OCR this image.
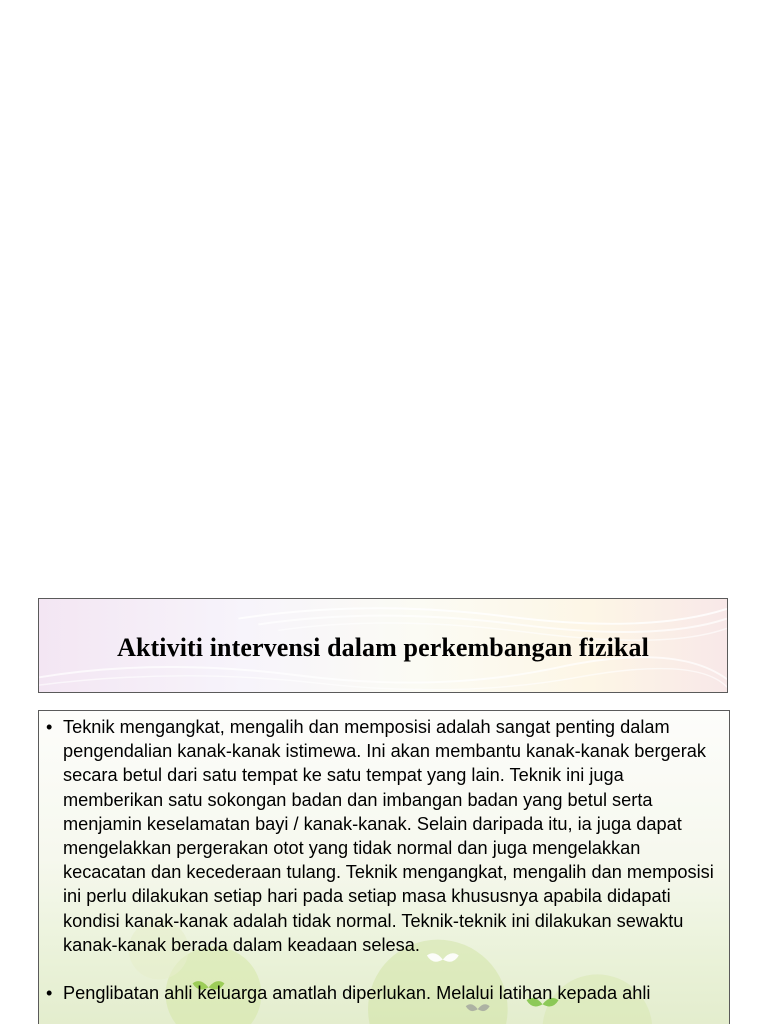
Aktiviti intervensi dalam perkembangan fizikal
• Teknik mengangkat, mengalih dan memposisi adalah sangat penting dalam pengendalian kanak-kanak istimewa. Ini akan membantu kanak-kanak bergerak secara betul dari satu tempat ke satu tempat yang lain. Teknik ini juga memberikan satu sokongan badan dan imbangan badan yang betul serta menjamin keselamatan bayi / kanak-kanak. Selain daripada itu, ia juga dapat mengelakkan pergerakan otot yang tidak normal dan juga mengelakkan kecacatan dan kecederaan tulang. Teknik mengangkat, mengalih dan memposisi ini perlu dilakukan setiap hari pada setiap masa khususnya apabila didapati kondisi kanak-kanak adalah tidak normal. Teknik-teknik ini dilakukan sewaktu kanak-kanak berada dalam keadaan selesa.
• Penglibatan ahli keluarga amatlah diperlukan. Melalui latihan kepada ahli
